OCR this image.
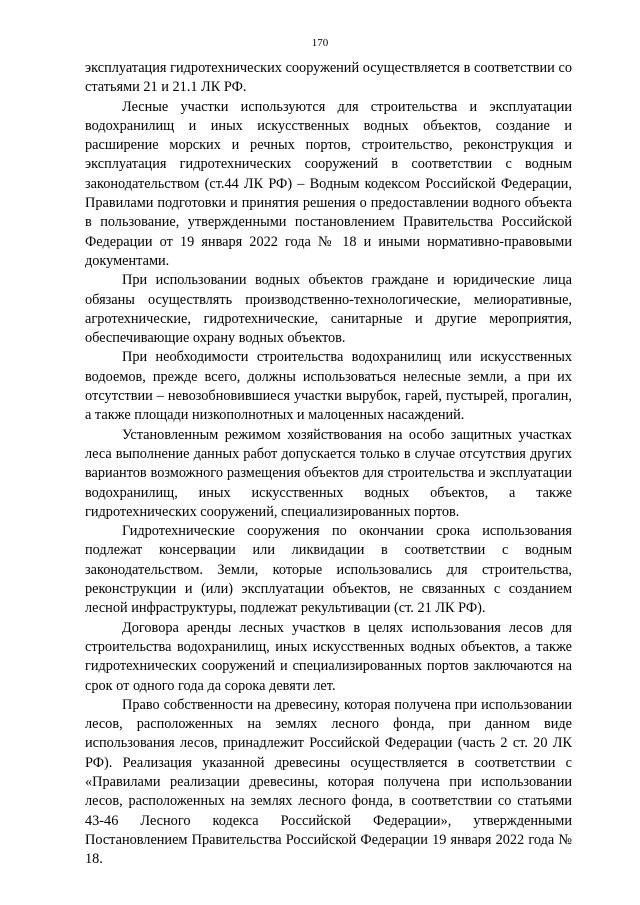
170

эксплуатация гидротехнических сооружений осуществляется в соответствии со статьями 21 и 21.1 ЛК РФ.

Лесные участки используются для строительства и эксплуатации водохранилищ и иных искусственных водных объектов, создание и расширение морских и речных портов, строительство, реконструкция и эксплуатация гидротехнических сооружений в соответствии с водным законодательством (ст.44 ЛК РФ) – Водным кодексом Российской Федерации, Правилами подготовки и принятия решения о предоставлении водного объекта в пользование, утвержденными постановлением Правительства Российской Федерации от 19 января 2022 года № 18 и иными нормативно-правовыми документами.

При использовании водных объектов граждане и юридические лица обязаны осуществлять производственно-технологические, мелиоративные, агротехнические, гидротехнические, санитарные и другие мероприятия, обеспечивающие охрану водных объектов.

При необходимости строительства водохранилищ или искусственных водоемов, прежде всего, должны использоваться нелесные земли, а при их отсутствии – невозобновившиеся участки вырубок, гарей, пустырей, прогалин, а также площади низкополнотных и малоценных насаждений.

Установленным режимом хозяйствования на особо защитных участках леса выполнение данных работ допускается только в случае отсутствия других вариантов возможного размещения объектов для строительства и эксплуатации водохранилищ, иных искусственных водных объектов, а также гидротехнических сооружений, специализированных портов.

Гидротехнические сооружения по окончании срока использования подлежат консервации или ликвидации в соответствии с водным законодательством. Земли, которые использовались для строительства, реконструкции и (или) эксплуатации объектов, не связанных с созданием лесной инфраструктуры, подлежат рекультивации (ст. 21 ЛК РФ).

Договора аренды лесных участков в целях использования лесов для строительства водохранилищ, иных искусственных водных объектов, а также гидротехнических сооружений и специализированных портов заключаются на срок от одного года да сорока девяти лет.

Право собственности на древесину, которая получена при использовании лесов, расположенных на землях лесного фонда, при данном виде использования лесов, принадлежит Российской Федерации (часть 2 ст. 20 ЛК РФ). Реализация указанной древесины осуществляется в соответствии с «Правилами реализации древесины, которая получена при использовании лесов, расположенных на землях лесного фонда, в соответствии со статьями 43-46 Лесного кодекса Российской Федерации», утвержденными Постановлением Правительства Российской Федерации 19 января 2022 года № 18.
